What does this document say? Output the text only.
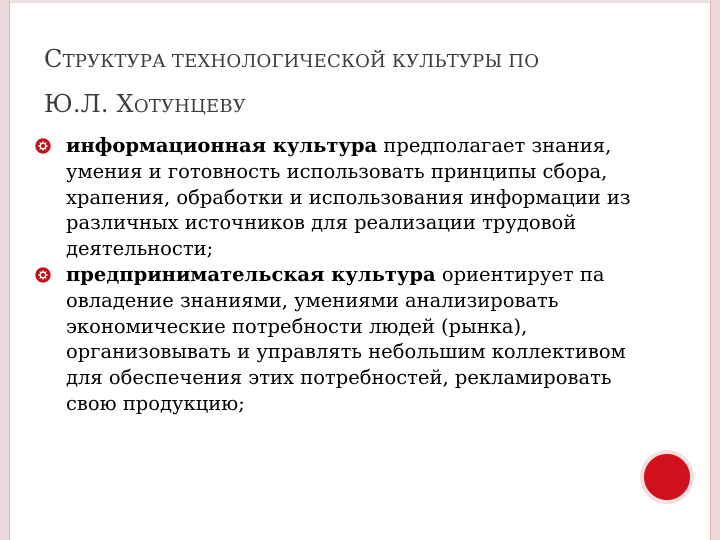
СТРУКТУРА ТЕХНОЛОГИЧЕСКОЙ КУЛЬТУРЫ ПО
Ю.Л. ХОТУНЦЕВУ

информационная культура предполагает знания, умения и готовность использовать принципы сбора, храпения, обработки и использования информации из различных источников для реализации трудовой деятельности;

предпринимательская культура ориентирует па овладение знаниями, умениями анализировать экономические потребности людей (рынка), организовывать и управлять небольшим коллективом для обеспечения этих потребностей, рекламировать свою продукцию;
